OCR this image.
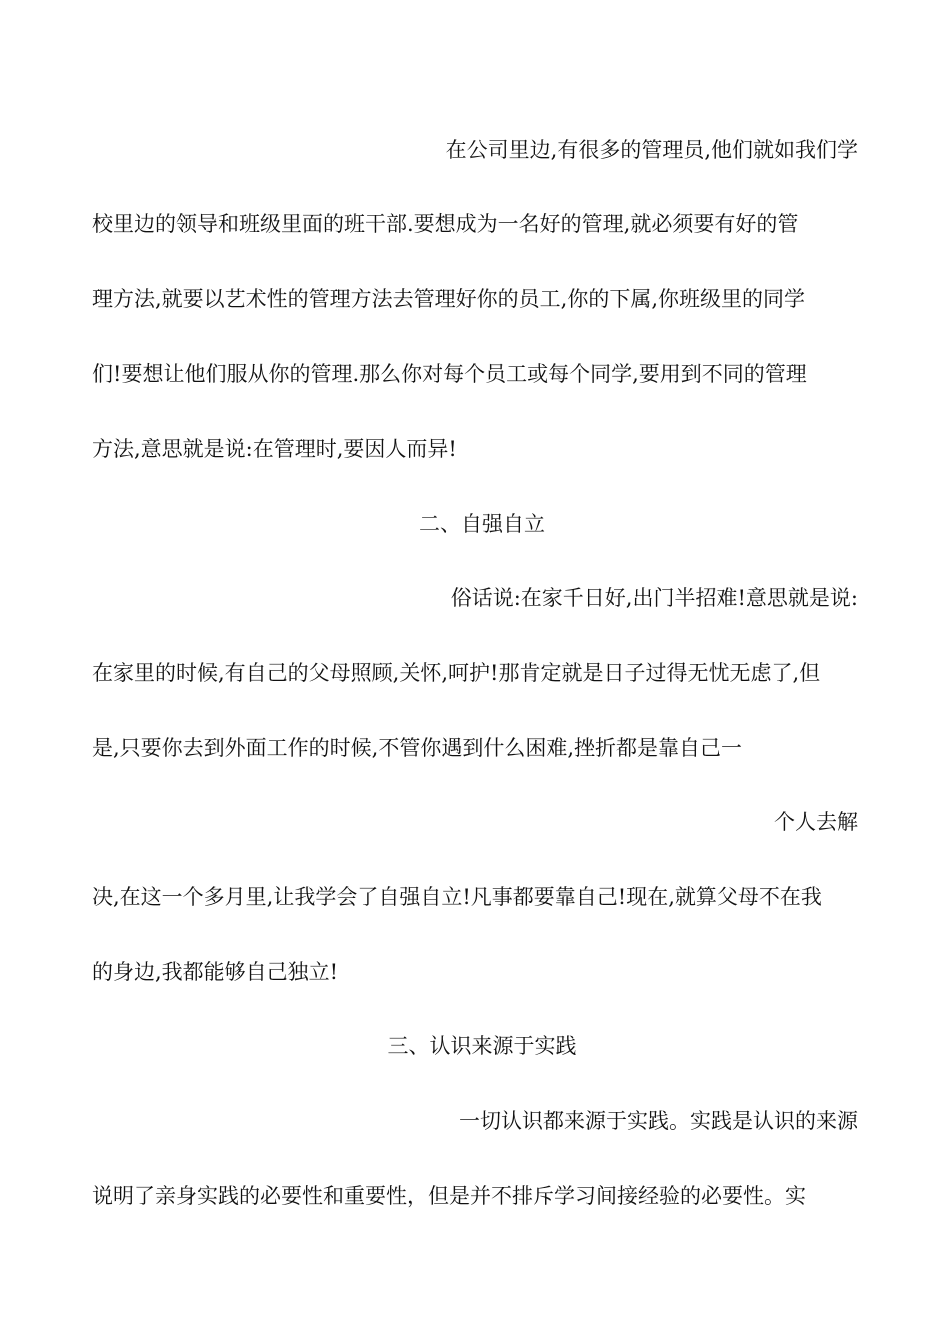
在公司里边,有很多的管理员,他们就如我们学
校里边的领导和班级里面的班干部.要想成为一名好的管理,就必须要有好的管
理方法,就要以艺术性的管理方法去管理好你的员工,你的下属,你班级里的同学
们!要想让他们服从你的管理.那么你对每个员工或每个同学,要用到不同的管理
方法,意思就是说:在管理时,要因人而异!
二、自强自立
俗话说:在家千日好,出门半招难!意思就是说:
在家里的时候,有自己的父母照顾,关怀,呵护!那肯定就是日子过得无忧无虑了,但
是,只要你去到外面工作的时候,不管你遇到什么困难,挫折都是靠自己一
个人去解
决,在这一个多月里,让我学会了自强自立!凡事都要靠自己!现在,就算父母不在我
的身边,我都能够自己独立!
三、认识来源于实践
一切认识都来源于实践。实践是认识的来源
说明了亲身实践的必要性和重要性，但是并不排斥学习间接经验的必要性。实
